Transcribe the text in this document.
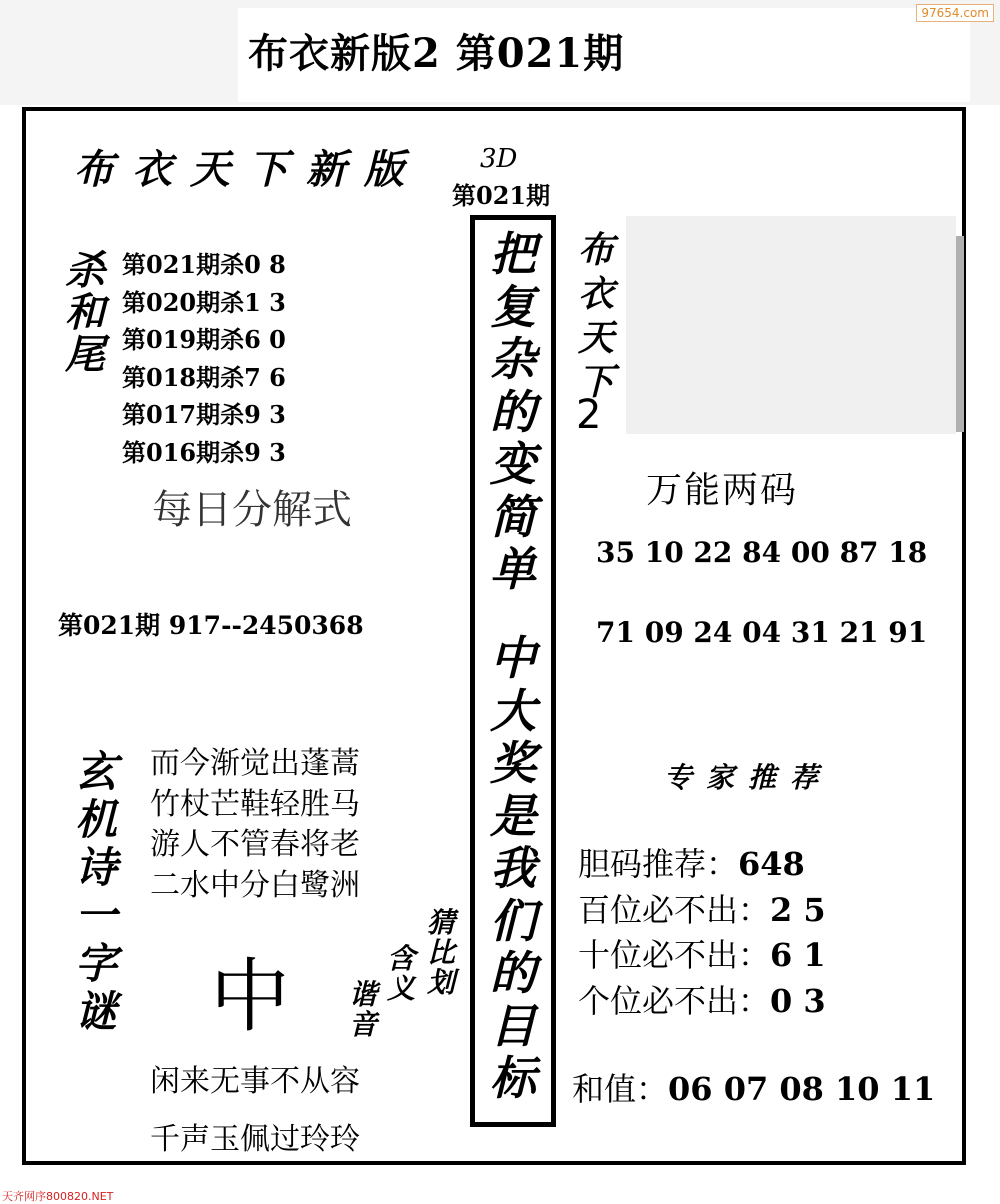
布衣新版2 第021期
97654.com
布衣天下新版 3D
第021期
杀
和
尾
第021期杀0 8
第020期杀1 3
第019期杀6 0
第018期杀7 6
第017期杀9 3
第016期杀9 3
每日分解式
第021期 917--2450368
把
复
杂
的
变
简
单
中
大
奖
是
我
们
的
目
标
布
衣
天
下
2
万能两码
35 10 22 84 00 87 18
71 09 24 04 31 21 91
专家推荐
胆码推荐：648
百位必不出：2 5
十位必不出：6 1
个位必不出：0 3
和值：06 07 08 10 11
玄
机
诗
一
字
谜
而今渐觉出蓬蒿
竹杖芒鞋轻胜马
游人不管春将老
二水中分白鹭洲
中 谐
音
含
义
猜
比
划
闲来无事不从容
千声玉佩过玲玲
天齐网序800820.NET
